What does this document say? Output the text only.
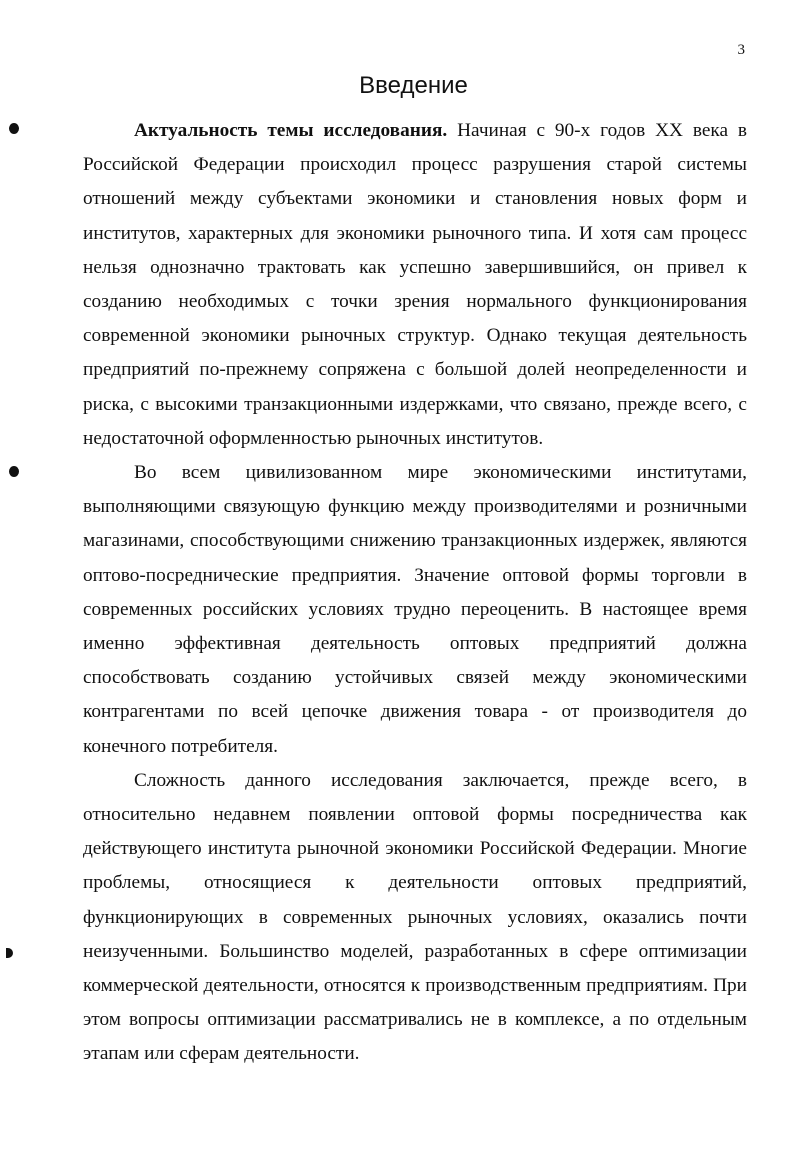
3
Введение

Актуальность темы исследования. Начиная с 90-х годов XX века в Российской Федерации происходил процесс разрушения старой системы отношений между субъектами экономики и становления новых форм и институтов, характерных для экономики рыночного типа. И хотя сам процесс нельзя однозначно трактовать как успешно завершившийся, он привел к созданию необходимых с точки зрения нормального функционирования современной экономики рыночных структур. Однако текущая деятельность предприятий по-прежнему сопряжена с большой долей неопределенности и риска, с высокими транзакционными издержками, что связано, прежде всего, с недостаточной оформленностью рыночных институтов.

Во всем цивилизованном мире экономическими институтами, выполняющими связующую функцию между производителями и розничными магазинами, способствующими снижению транзакционных издержек, являются оптово-посреднические предприятия. Значение оптовой формы торговли в современных российских условиях трудно переоценить. В настоящее время именно эффективная деятельность оптовых предприятий должна способствовать созданию устойчивых связей между экономическими контрагентами по всей цепочке движения товара - от производителя до конечного потребителя.

Сложность данного исследования заключается, прежде всего, в относительно недавнем появлении оптовой формы посредничества как действующего института рыночной экономики Российской Федерации. Многие проблемы, относящиеся к деятельности оптовых предприятий, функционирующих в современных рыночных условиях, оказались почти неизученными. Большинство моделей, разработанных в сфере оптимизации коммерческой деятельности, относятся к производственным предприятиям. При этом вопросы оптимизации рассматривались не в комплексе, а по отдельным этапам или сферам деятельности.
